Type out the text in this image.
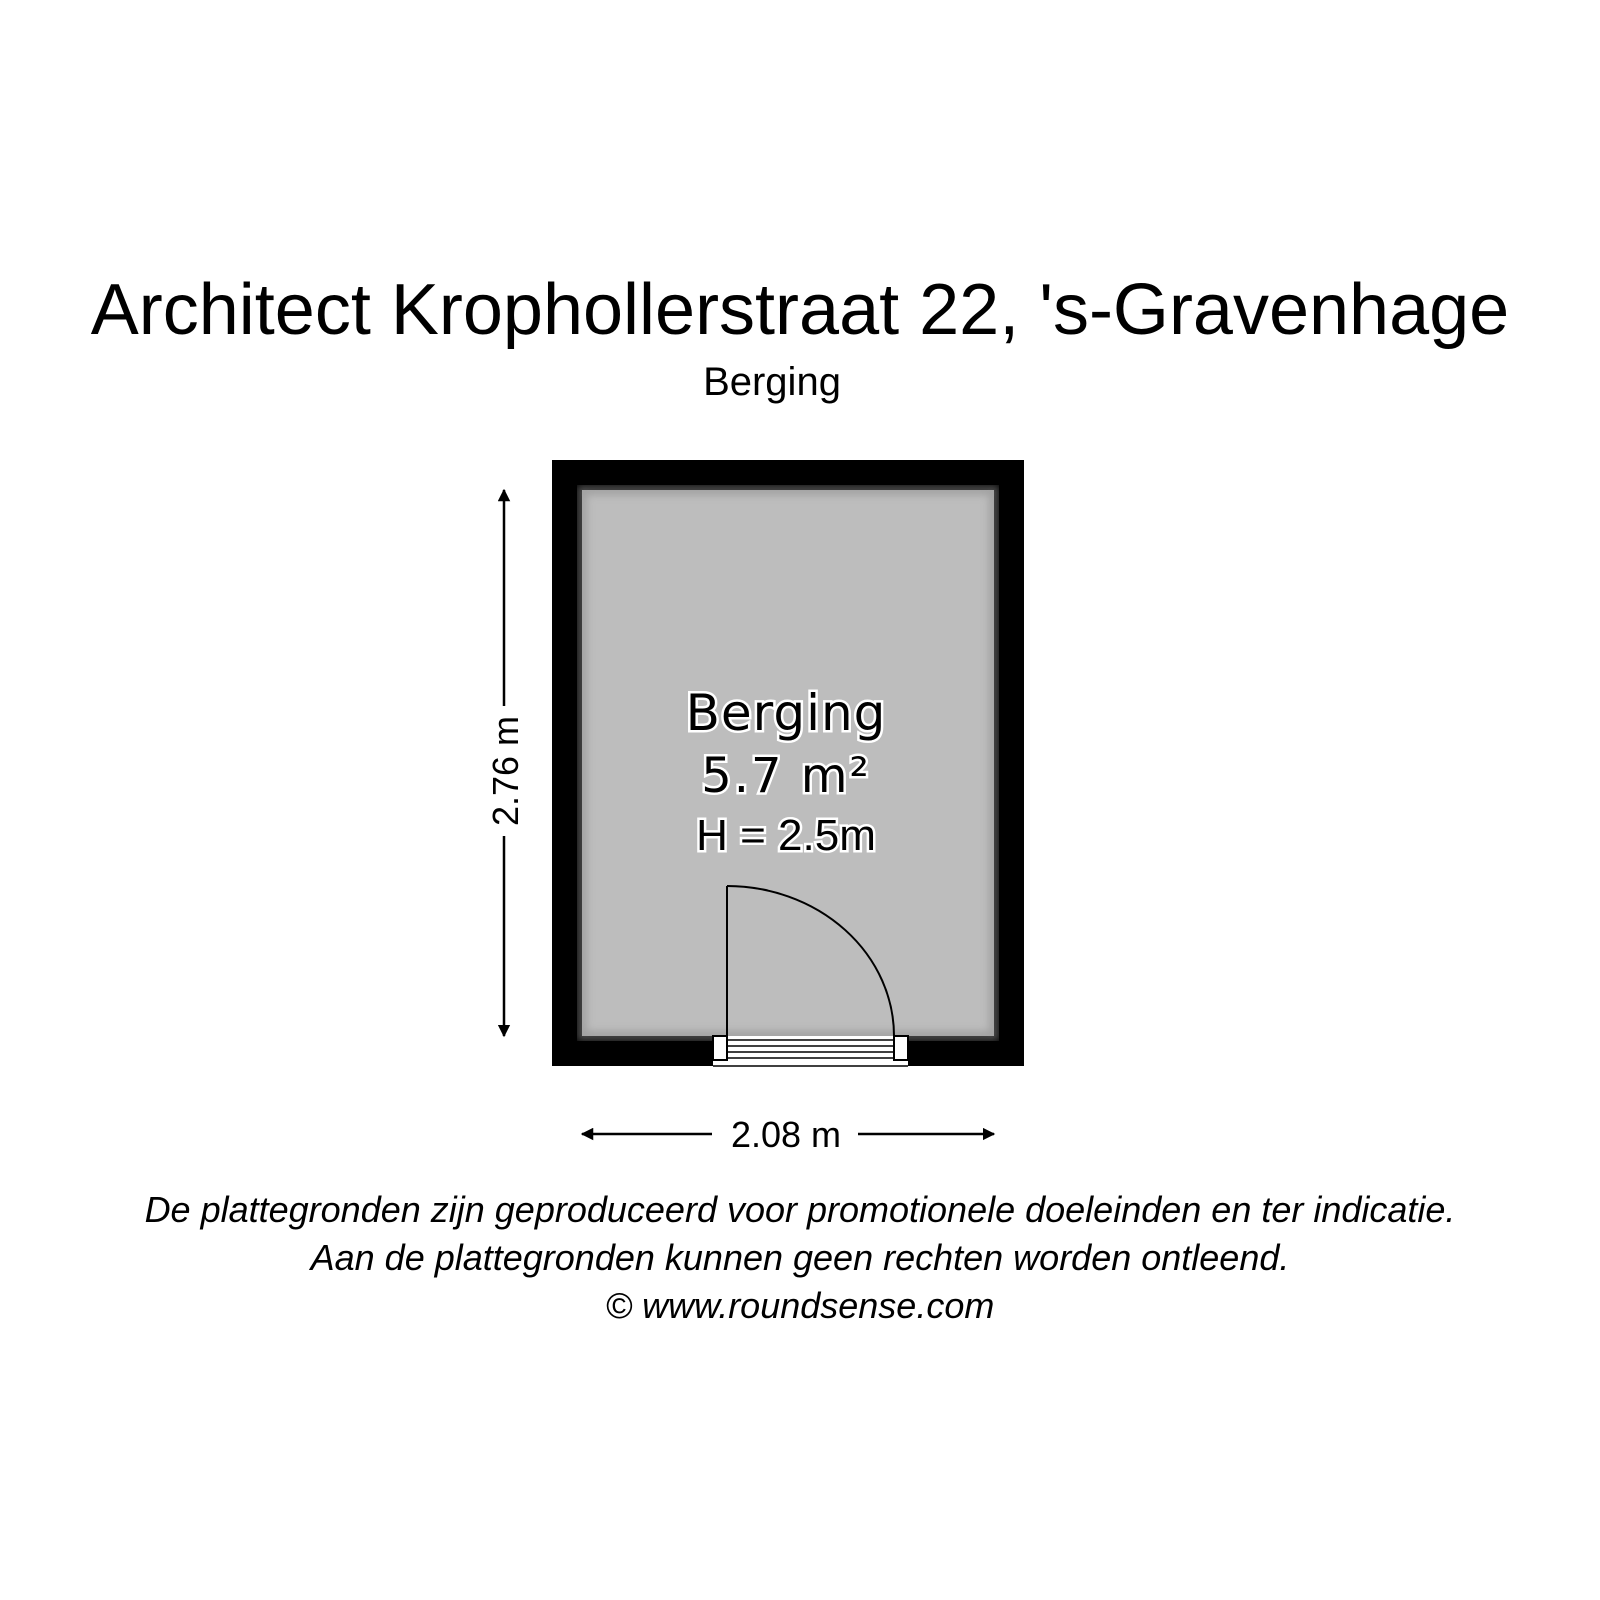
Architect Krophollerstraat 22, 's-Gravenhage
Berging
Berging
5.7 m²
H = 2.5m
2.76 m
2.08 m
De plattegronden zijn geproduceerd voor promotionele doeleinden en ter indicatie.
Aan de plattegronden kunnen geen rechten worden ontleend.
© www.roundsense.com
